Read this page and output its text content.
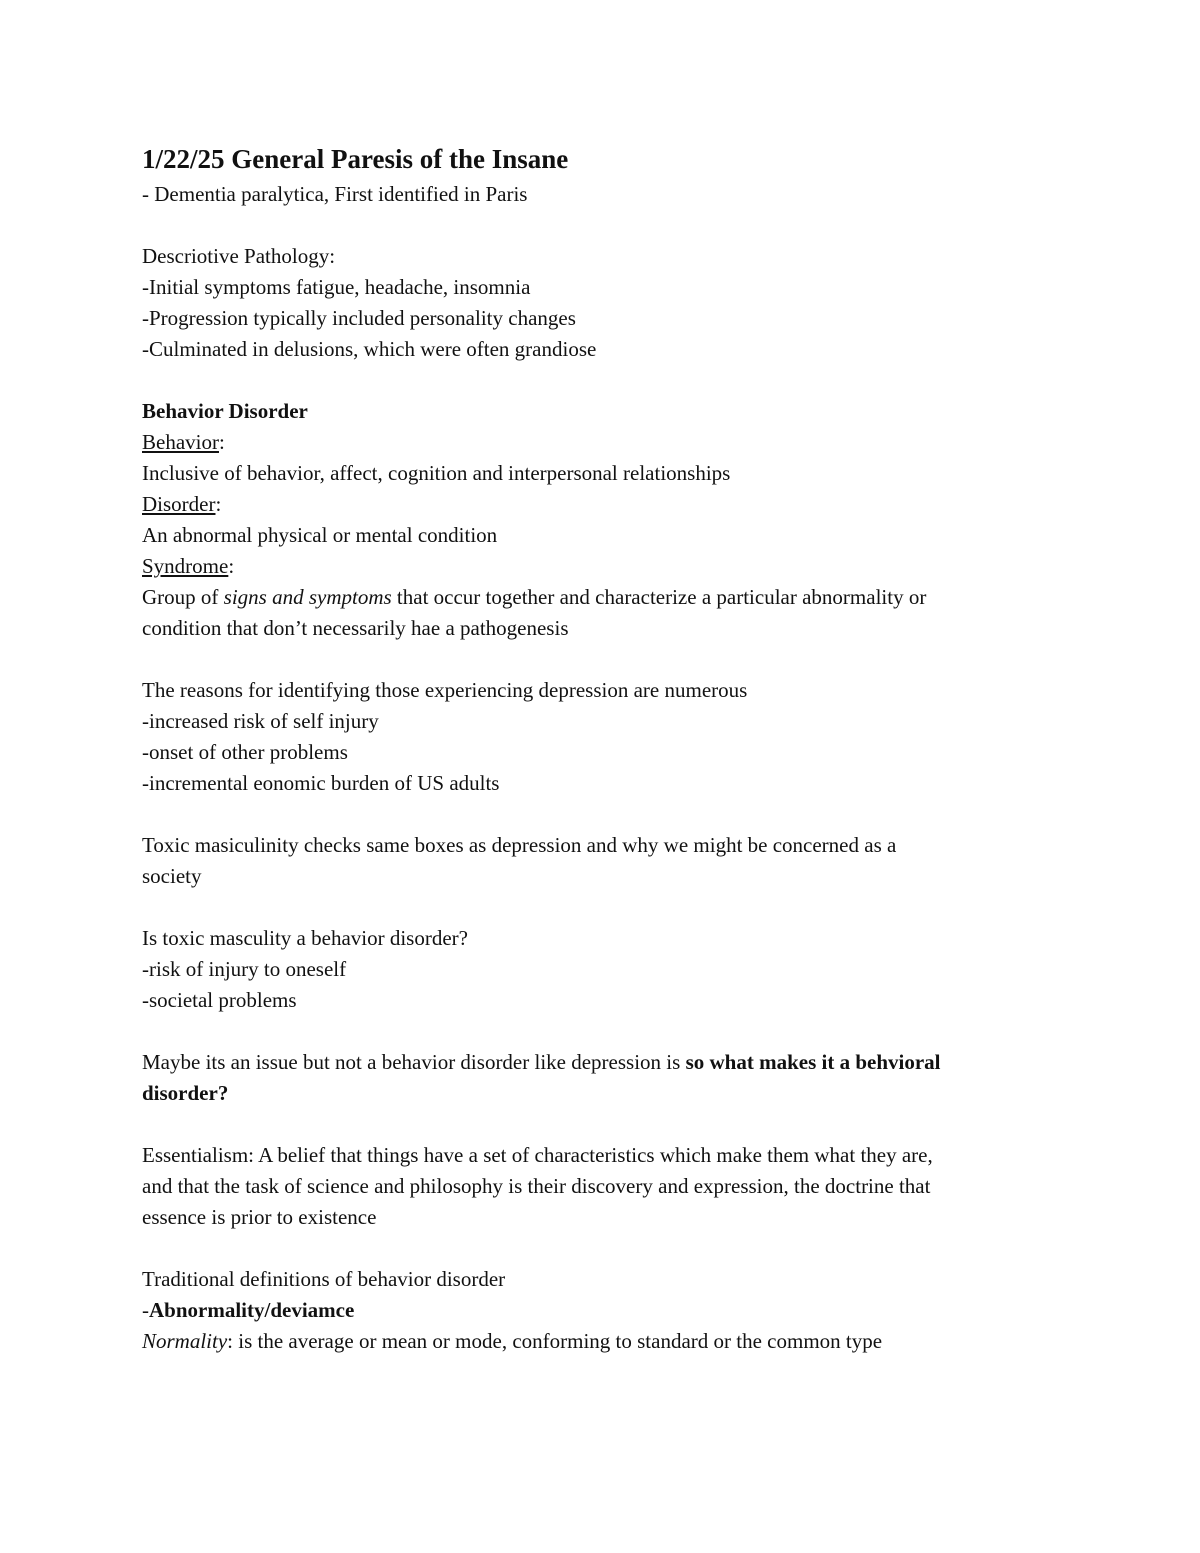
1/22/25 General Paresis of the Insane

- Dementia paralytica, First identified in Paris

Descriotive Pathology:

-Initial symptoms fatigue, headache, insomnia

-Progression typically included personality changes

-Culminated in delusions, which were often grandiose

Behavior Disorder

Behavior:

Inclusive of behavior, affect, cognition and interpersonal relationships

Disorder:

An abnormal physical or mental condition

Syndrome:

Group of signs and symptoms that occur together and characterize a particular abnormality or

condition that don’t necessarily hae a pathogenesis

The reasons for identifying those experiencing depression are numerous

-increased risk of self injury

-onset of other problems

-incremental eonomic burden of US adults

Toxic masiculinity checks same boxes as depression and why we might be concerned as a

society

Is toxic masculity a behavior disorder?

-risk of injury to oneself

-societal problems

Maybe its an issue but not a behavior disorder like depression is so what makes it a behvioral

disorder?

Essentialism: A belief that things have a set of characteristics which make them what they are,

and that the task of science and philosophy is their discovery and expression, the doctrine that

essence is prior to existence

Traditional definitions of behavior disorder

-Abnormality/deviamce

Normality: is the average or mean or mode, conforming to standard or the common type
